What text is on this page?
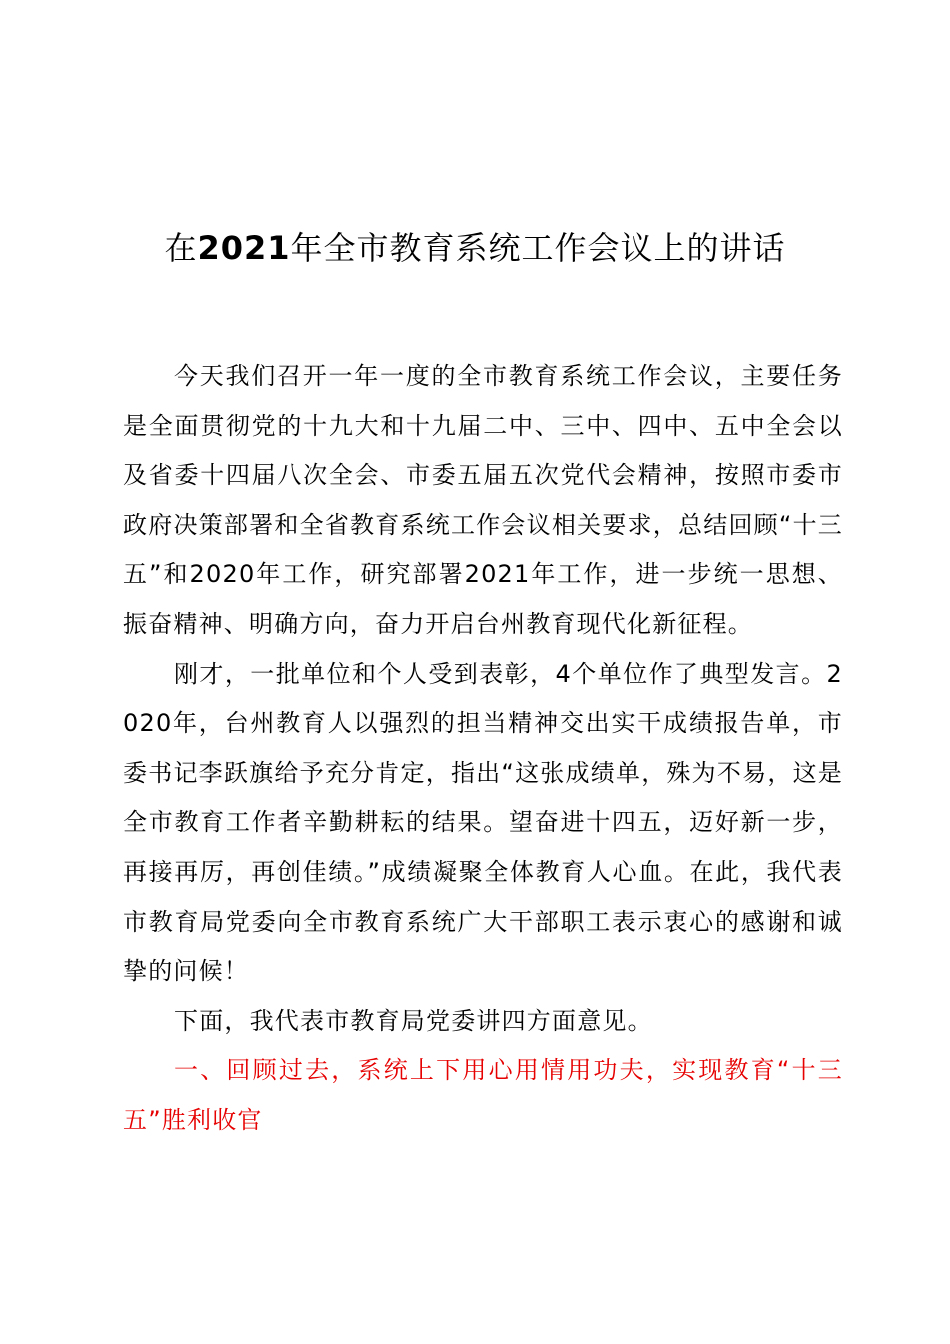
在2021年全市教育系统工作会议上的讲话

今天我们召开一年一度的全市教育系统工作会议，主要任务是全面贯彻党的十九大和十九届二中、三中、四中、五中全会以及省委十四届八次全会、市委五届五次党代会精神，按照市委市政府决策部署和全省教育系统工作会议相关要求，总结回顾“十三五”和2020年工作，研究部署2021年工作，进一步统一思想、振奋精神、明确方向，奋力开启台州教育现代化新征程。

刚才，一批单位和个人受到表彰，4个单位作了典型发言。2020年，台州教育人以强烈的担当精神交出实干成绩报告单，市委书记李跃旗给予充分肯定，指出“这张成绩单，殊为不易，这是全市教育工作者辛勤耕耘的结果。望奋进十四五，迈好新一步，再接再厉，再创佳绩。”成绩凝聚全体教育人心血。在此，我代表市教育局党委向全市教育系统广大干部职工表示衷心的感谢和诚挚的问候！

下面，我代表市教育局党委讲四方面意见。

一、回顾过去，系统上下用心用情用功夫，实现教育“十三五”胜利收官
